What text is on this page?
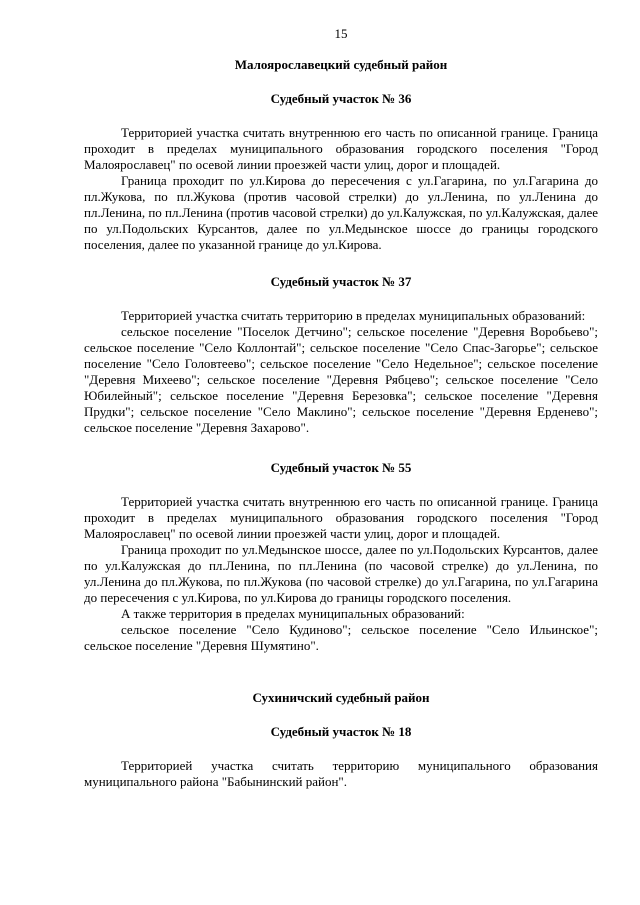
15
Малоярославецкий судебный район
Судебный участок № 36

Территорией участка считать внутреннюю его часть по описанной границе. Граница проходит в пределах муниципального образования городского поселения "Город Малоярославец" по осевой линии проезжей части улиц, дорог и площадей.

Граница проходит по ул.Кирова до пересечения с ул.Гагарина, по ул.Гагарина до пл.Жукова, по пл.Жукова (против часовой стрелки) до ул.Ленина, по ул.Ленина до пл.Ленина, по пл.Ленина (против часовой стрелки) до ул.Калужская, по ул.Калужская, далее по ул.Подольских Курсантов, далее по ул.Медынское шоссе до границы городского поселения, далее по указанной границе до ул.Кирова.

Судебный участок № 37

Территорией участка считать территорию в пределах муниципальных образований:

сельское поселение "Поселок Детчино"; сельское поселение "Деревня Воробьево"; сельское поселение "Село Коллонтай"; сельское поселение "Село Спас-Загорье"; сельское поселение "Село Головтеево"; сельское поселение "Село Недельное"; сельское поселение "Деревня Михеево"; сельское поселение "Деревня Рябцево"; сельское поселение "Село Юбилейный"; сельское поселение "Деревня Березовка"; сельское поселение "Деревня Прудки"; сельское поселение "Село Маклино"; сельское поселение "Деревня Ерденево"; сельское поселение "Деревня Захарово".

Судебный участок № 55

Территорией участка считать внутреннюю его часть по описанной границе. Граница проходит в пределах муниципального образования городского поселения "Город Малоярославец" по осевой линии проезжей части улиц, дорог и площадей.

Граница проходит по ул.Медынское шоссе, далее по ул.Подольских Курсантов, далее по ул.Калужская до пл.Ленина, по пл.Ленина (по часовой стрелке) до ул.Ленина, по ул.Ленина до пл.Жукова, по пл.Жукова (по часовой стрелке) до ул.Гагарина, по ул.Гагарина до пересечения с ул.Кирова, по ул.Кирова до границы городского поселения.

А также территория в пределах муниципальных образований:

сельское поселение "Село Кудиново"; сельское поселение "Село Ильинское"; сельское поселение "Деревня Шумятино".

Сухиничский судебный район
Судебный участок № 18

Территорией участка считать территорию муниципального образования муниципального района "Бабынинский район".
